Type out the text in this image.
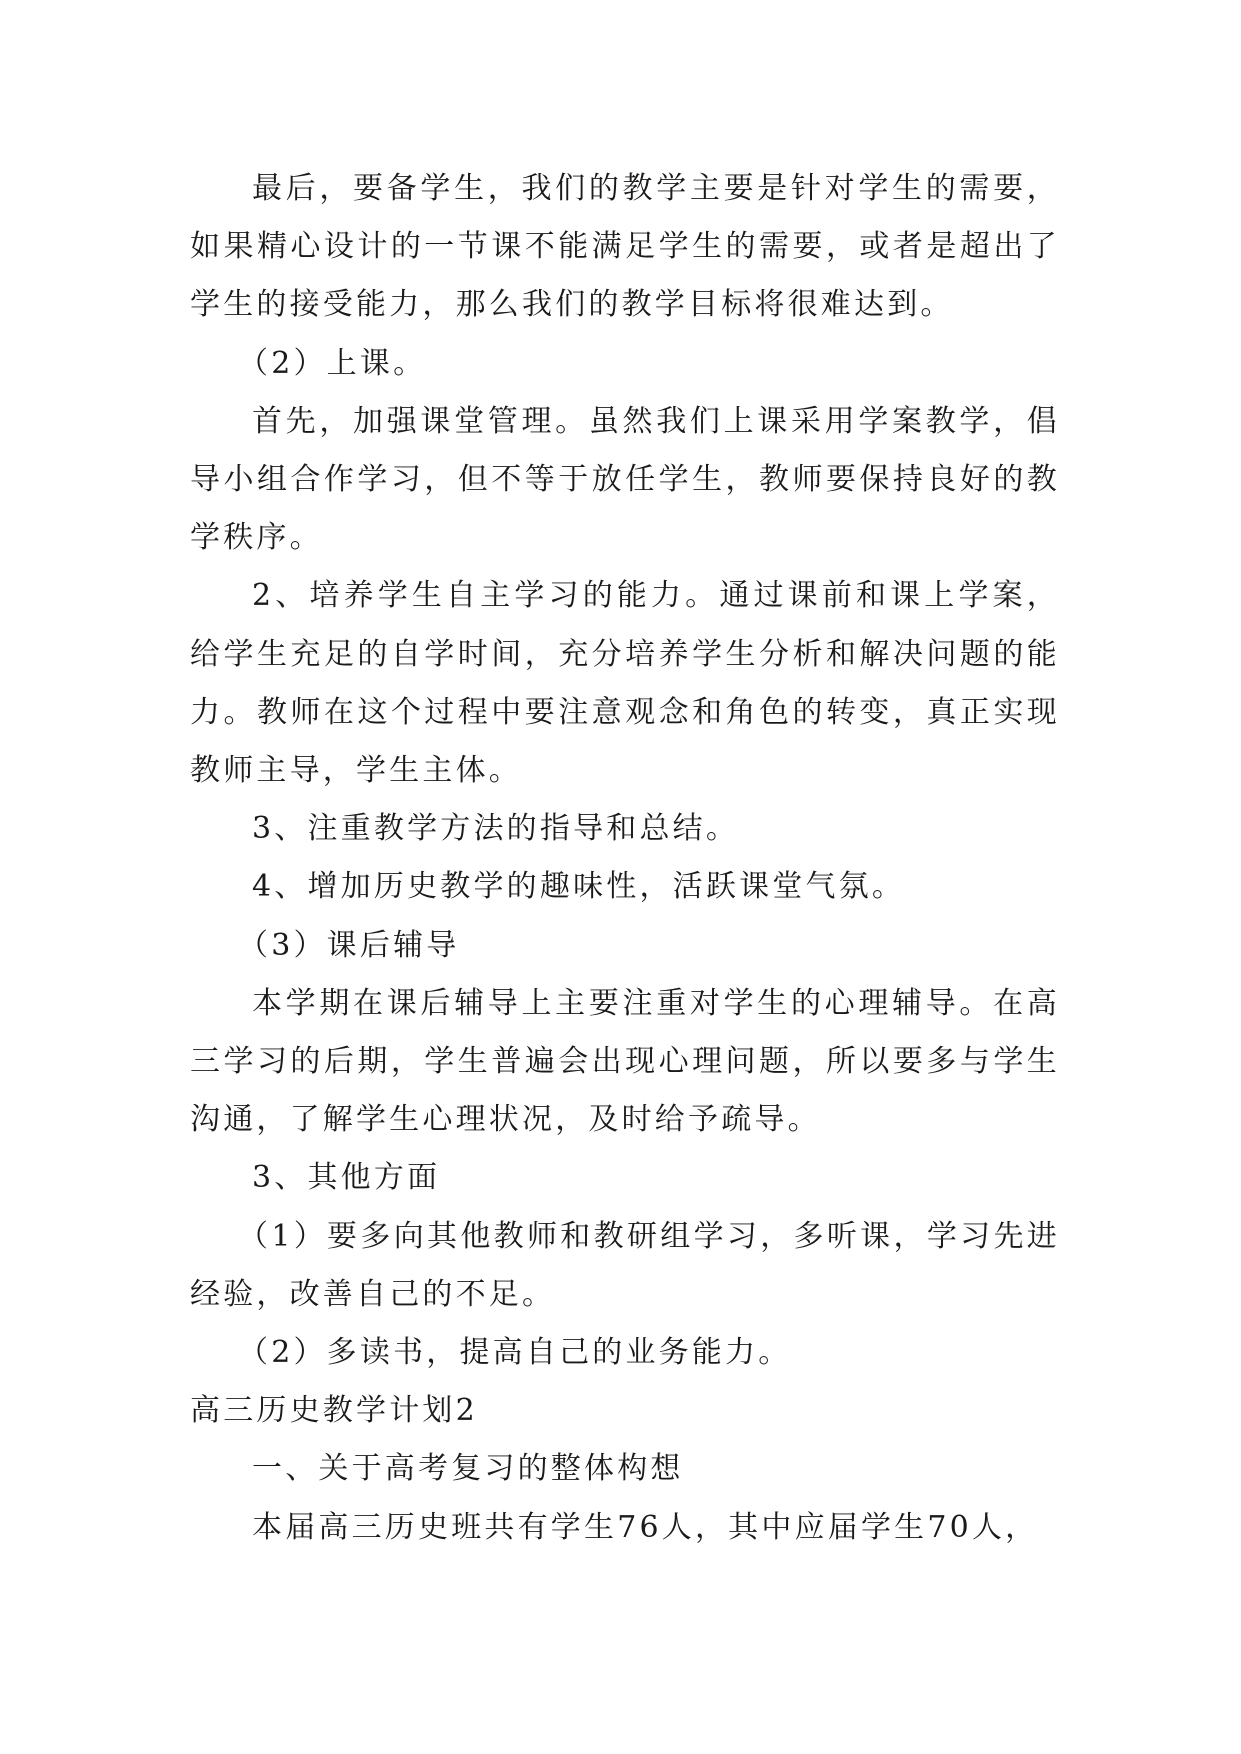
最后，要备学生，我们的教学主要是针对学生的需要，如果精心设计的一节课不能满足学生的需要，或者是超出了学生的接受能力，那么我们的教学目标将很难达到。

（2）上课。

首先，加强课堂管理。虽然我们上课采用学案教学，倡导小组合作学习，但不等于放任学生，教师要保持良好的教学秩序。

2、培养学生自主学习的能力。通过课前和课上学案，给学生充足的自学时间，充分培养学生分析和解决问题的能力。教师在这个过程中要注意观念和角色的转变，真正实现教师主导，学生主体。

3、注重教学方法的指导和总结。

4、增加历史教学的趣味性，活跃课堂气氛。

（3）课后辅导

本学期在课后辅导上主要注重对学生的心理辅导。在高三学习的后期，学生普遍会出现心理问题，所以要多与学生沟通，了解学生心理状况，及时给予疏导。

3、其他方面

（1）要多向其他教师和教研组学习，多听课，学习先进经验，改善自己的不足。

（2）多读书，提高自己的业务能力。

高三历史教学计划2

一、关于高考复习的整体构想

本届高三历史班共有学生76人，其中应届学生70人，
